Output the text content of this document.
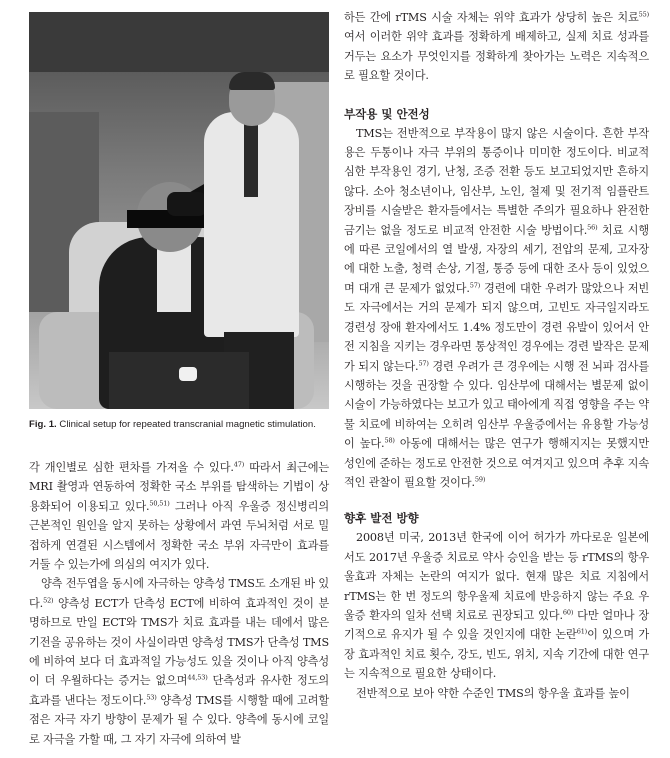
Fig. 1. Clinical setup for repeated transcranial magnetic stimulation.

각 개인별로 심한 편차를 가져올 수 있다.$^{47)}$ 따라서 최근에는 MRI 촬영과 연동하여 정확한 국소 부위를 탐색하는 기법이 상용화되어 이용되고 있다.$^{50,51)}$ 그러나 아직 우울증 정신병리의 근본적인 원인을 알지 못하는 상황에서 과연 두뇌처럼 서로 밀접하게 연결된 시스템에서 정확한 국소 부위 자극만이 효과를 거둘 수 있는가에 의심의 여지가 있다.

양측 전두엽을 동시에 자극하는 양측성 TMS도 소개된 바 있다.$^{52)}$ 양측성 ECT가 단측성 ECT에 비하여 효과적인 것이 분명하므로 만일 ECT와 TMS가 치료 효과를 내는 데에서 많은 기전을 공유하는 것이 사실이라면 양측성 TMS가 단측성 TMS에 비하여 보다 더 효과적일 가능성도 있을 것이나 아직 양측성이 더 우월하다는 증거는 없으며$^{44,53)}$ 단측성과 유사한 정도의 효과를 낸다는 정도이다.$^{53)}$ 양측성 TMS를 시행할 때에 고려할 점은 자극 자기 방향이 문제가 될 수 있다. 양측에 동시에 코일로 자극을 가할 때, 그 자기 자극에 의하여 발

하든 간에 rTMS 시술 자체는 위약 효과가 상당히 높은 치료$^{55)}$여서 이러한 위약 효과를 정확하게 배제하고, 실제 치료 성과를 거두는 요소가 무엇인지를 정확하게 찾아가는 노력은 지속적으로 필요할 것이다.

부작용 및 안전성

TMS는 전반적으로 부작용이 많지 않은 시술이다. 흔한 부작용은 두통이나 자극 부위의 통증이나 미미한 정도이다. 비교적 심한 부작용인 경기, 난청, 조증 전환 등도 보고되었지만 흔하지 않다. 소아 청소년이나, 임산부, 노인, 철제 및 전기적 임플란트 장비를 시술받은 환자들에서는 특별한 주의가 필요하나 완전한 금기는 없을 정도로 비교적 안전한 시술 방법이다.$^{56)}$ 치료 시행에 따른 코일에서의 열 발생, 자장의 세기, 전압의 문제, 고자장에 대한 노출, 청력 손상, 기절, 통증 등에 대한 조사 등이 있었으며 대개 큰 문제가 없었다.$^{57)}$ 경련에 대한 우려가 많았으나 저빈도 자극에서는 거의 문제가 되지 않으며, 고빈도 자극일지라도 경련성 장애 환자에서도 1.4% 정도만이 경련 유발이 있어서 안전 지침을 지키는 경우라면 통상적인 경우에는 경련 발작은 문제가 되지 않는다.$^{57)}$ 경련 우려가 큰 경우에는 시행 전 뇌파 검사를 시행하는 것을 권장할 수 있다. 임산부에 대해서는 별문제 없이 시술이 가능하였다는 보고가 있고 태아에게 직접 영향을 주는 약물 치료에 비하여는 오히려 임산부 우울증에서는 유용할 가능성이 높다.$^{58)}$ 아동에 대해서는 많은 연구가 행해지지는 못했지만 성인에 준하는 정도로 안전한 것으로 여겨지고 있으며 추후 지속적인 관찰이 필요할 것이다.$^{59)}$

향후 발전 방향

2008년 미국, 2013년 한국에 이어 허가가 까다로운 일본에서도 2017년 우울증 치료로 약사 승인을 받는 등 rTMS의 항우울효과 자체는 논란의 여지가 없다. 현재 많은 치료 지침에서 rTMS는 한 번 정도의 항우울제 치료에 반응하지 않는 주요 우울증 환자의 일차 선택 치료로 권장되고 있다.$^{60)}$ 다만 얼마나 장기적으로 유지가 될 수 있을 것인지에 대한 논란$^{61)}$이 있으며 가장 효과적인 치료 횟수, 강도, 빈도, 위치, 지속 기간에 대한 연구는 지속적으로 필요한 상태이다.

전반적으로 보아 약한 수준인 TMS의 항우울 효과를 높이
